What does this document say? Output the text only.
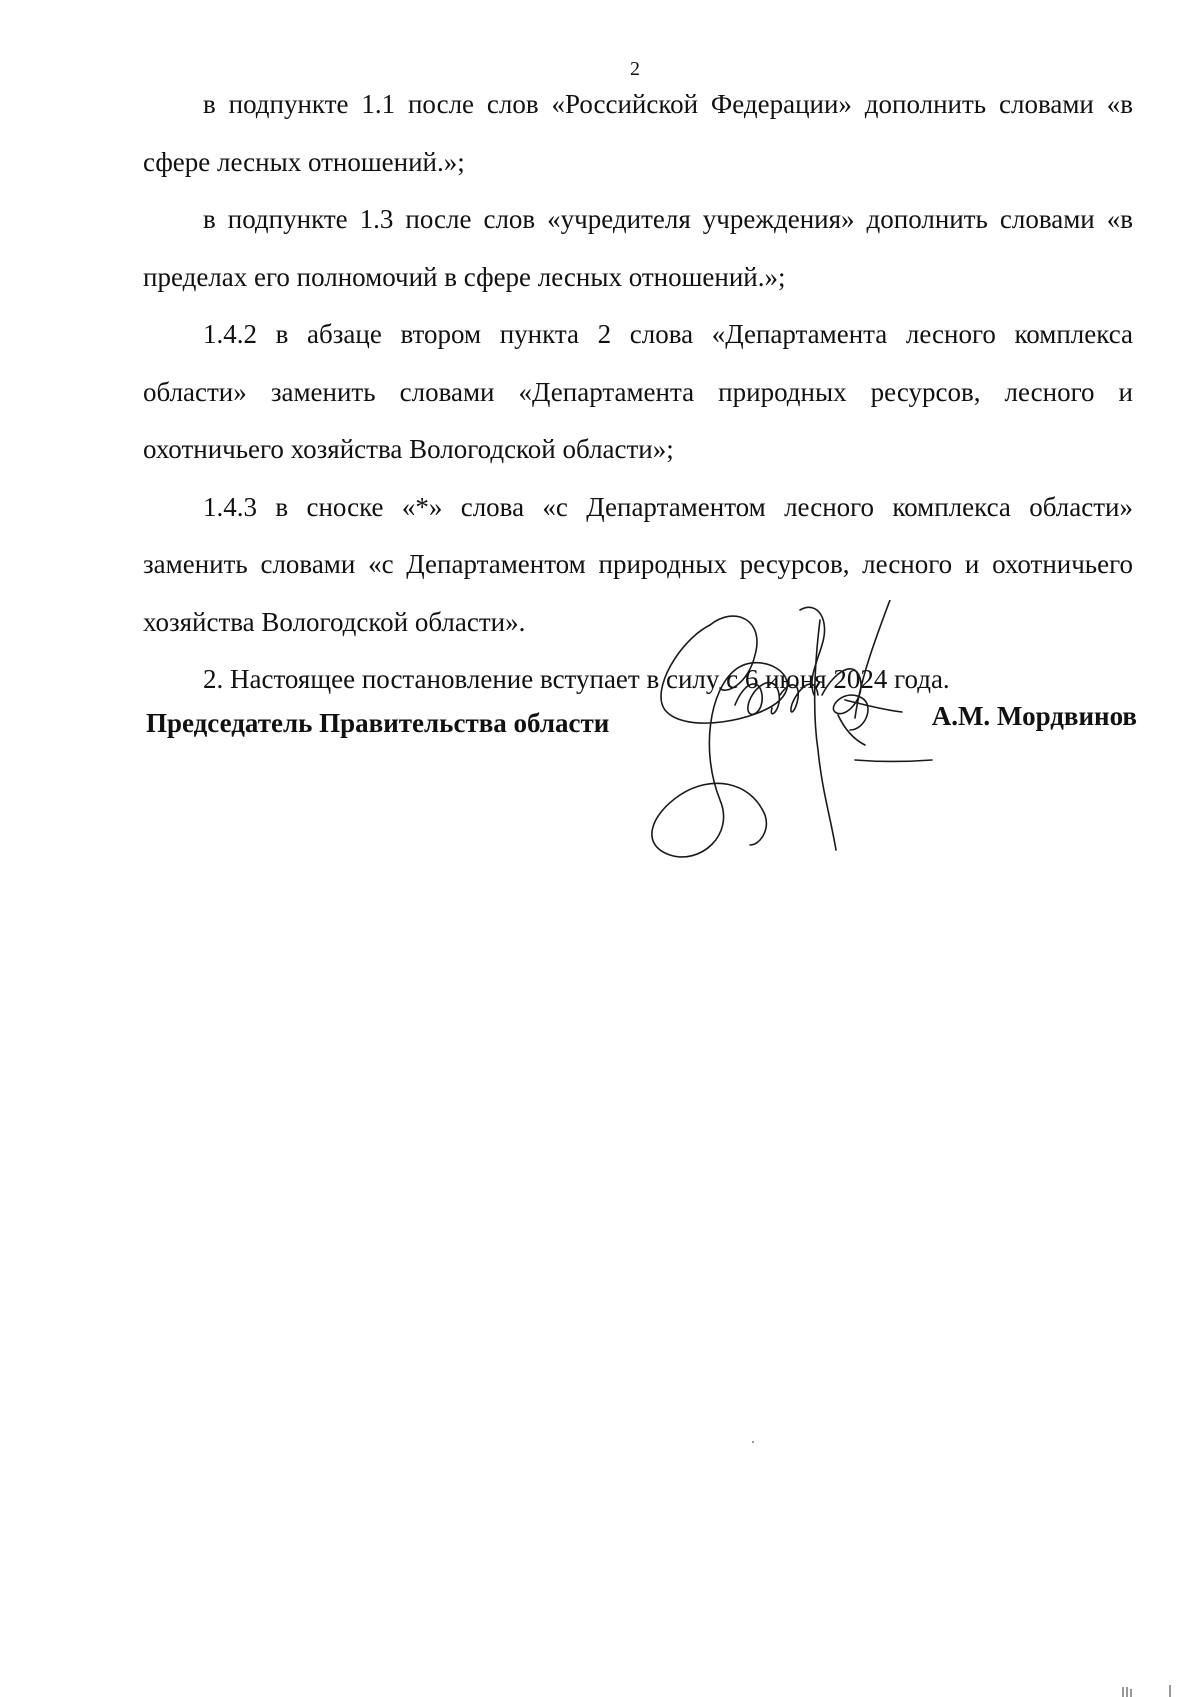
2

в подпункте 1.1 после слов «Российской Федерации» дополнить словами «в сфере лесных отношений.»;

в подпункте 1.3 после слов «учредителя учреждения» дополнить словами «в пределах его полномочий в сфере лесных отношений.»;

1.4.2 в абзаце втором пункта 2 слова «Департамента лесного комплекса области» заменить словами «Департамента природных ресурсов, лесного и охотничьего хозяйства Вологодской области»;

1.4.3 в сноске «*» слова «с Департаментом лесного комплекса области» заменить словами «с Департаментом природных ресурсов, лесного и охотничьего хозяйства Вологодской области».

2. Настоящее постановление вступает в силу с 6 июня 2024 года.

Председатель Правительства области	А.М. Мордвинов
